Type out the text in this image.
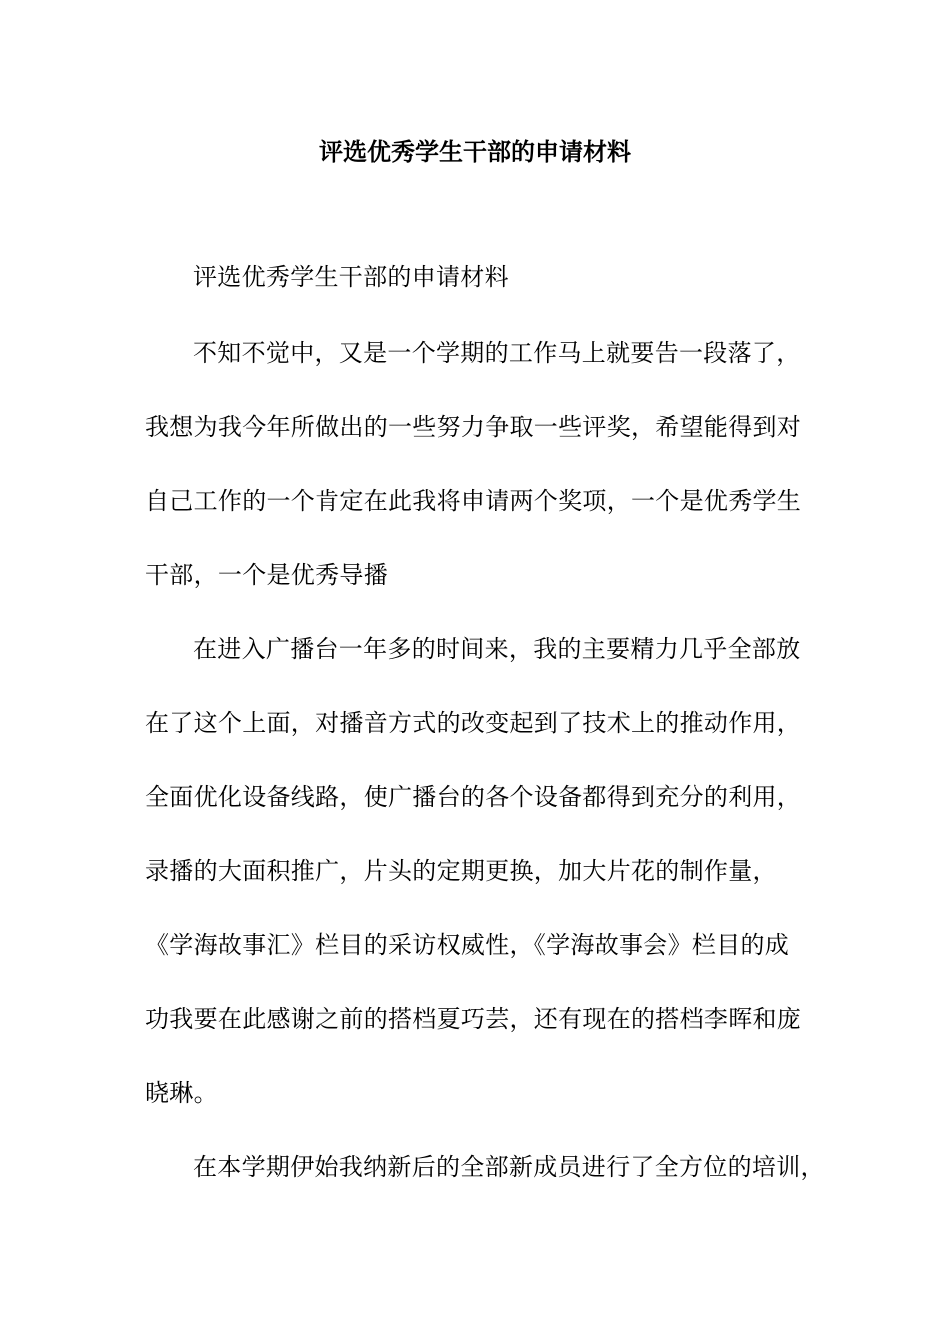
评选优秀学生干部的申请材料
评选优秀学生干部的申请材料
不知不觉中，又是一个学期的工作马上就要告一段落了，
我想为我今年所做出的一些努力争取一些评奖，希望能得到对
自己工作的一个肯定在此我将申请两个奖项，一个是优秀学生
干部，一个是优秀导播
在进入广播台一年多的时间来，我的主要精力几乎全部放
在了这个上面，对播音方式的改变起到了技术上的推动作用，
全面优化设备线路，使广播台的各个设备都得到充分的利用，
录播的大面积推广，片头的定期更换，加大片花的制作量，
《学海故事汇》栏目的采访权威性，《学海故事会》栏目的成
功我要在此感谢之前的搭档夏巧芸，还有现在的搭档李晖和庞
晓琳。
在本学期伊始我纳新后的全部新成员进行了全方位的培训，
